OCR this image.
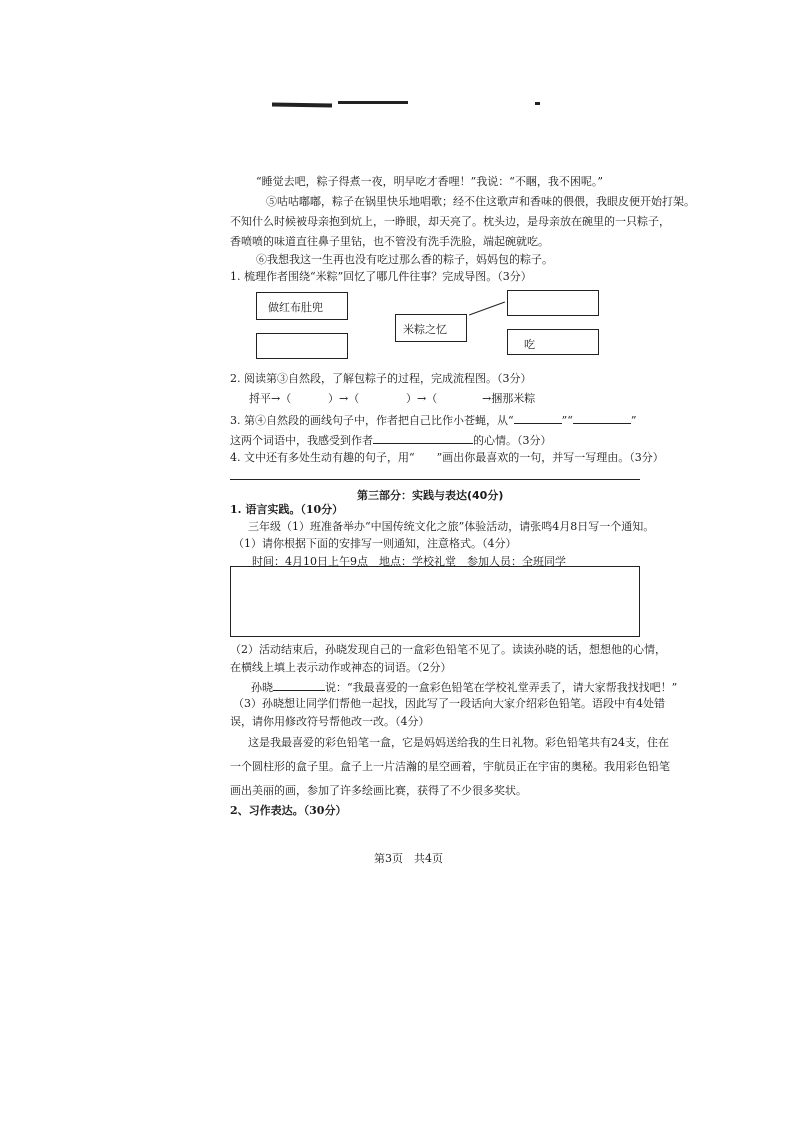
“睡觉去吧，粽子得煮一夜，明早吃才香哩！”我说：“不睏，我不困呢。”
⑤咕咕嘟嘟，粽子在锅里快乐地唱歌；经不住这歌声和香味的偎偎，我眼皮便开始打架。
不知什么时候被母亲抱到炕上，一睁眼，却天亮了。枕头边，是母亲放在碗里的一只粽子，
香喷喷的味道直往鼻子里钻，也不管没有洗手洗脸，端起碗就吃。
⑥我想我这一生再也没有吃过那么香的粽子，妈妈包的粽子。
1. 梳理作者围绕“米粽”回忆了哪几件往事？完成导图。（3分）
做红布肚兜
米粽之忆
吃
2. 阅读第③自然段，了解包粽子的过程，完成流程图。（3分）
捋平→（	）→（	）→（	→捆那米粽
3. 第④自然段的画线句子中，作者把自己比作小苍蝇，从“	”“	”
这两个词语中，我感受到作者	的心情。（3分）
4. 文中还有多处生动有趣的句子，用“　　”画出你最喜欢的一句，并写一写理由。（3分）
第三部分：实践与表达(40分)
1. 语言实践。（10分）
三年级（1）班准备举办“中国传统文化之旅”体验活动，请张鸣4月8日写一个通知。
（1）请你根据下面的安排写一则通知，注意格式。（4分）
时间：4月10日上午9点　地点：学校礼堂　参加人员：全班同学
（2）活动结束后，孙晓发现自己的一盒彩色铅笔不见了。读读孙晓的话，想想他的心情，
在横线上填上表示动作或神态的词语。（2分）
孙晓	说：“我最喜爱的一盒彩色铅笔在学校礼堂弄丢了，请大家帮我找找吧！”
（3）孙晓想让同学们帮他一起找，因此写了一段话向大家介绍彩色铅笔。语段中有4处错
误，请你用修改符号帮他改一改。（4分）
这是我最喜爱的彩色铅笔一盒，它是妈妈送给我的生日礼物。彩色铅笔共有24支，住在
一个圆柱形的盒子里。盒子上一片洁瀚的星空画着，宇航员正在宇宙的奥秘。我用彩色铅笔
画出美丽的画，参加了许多绘画比赛，获得了不少很多奖状。
2、习作表达。（30分）
第3页　共4页
